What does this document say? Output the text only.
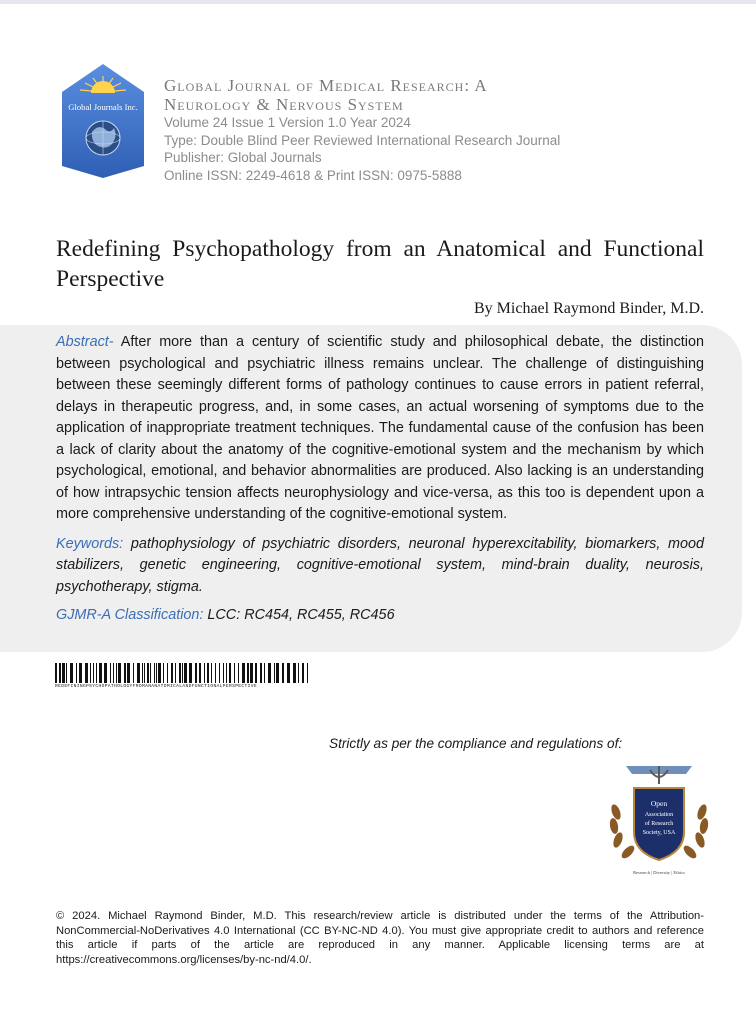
Global Journals Inc.
Global Journal of Medical Research: A
Neurology & Nervous System
Volume 24 Issue 1 Version 1.0 Year 2024
Type: Double Blind Peer Reviewed International Research Journal
Publisher: Global Journals
Online ISSN: 2249-4618 & Print ISSN: 0975-5888
Redefining Psychopathology from an Anatomical and Functional Perspective
By Michael Raymond Binder, M.D.

Abstract- After more than a century of scientific study and philosophical debate, the distinction between psychological and psychiatric illness remains unclear. The challenge of distinguishing between these seemingly different forms of pathology continues to cause errors in patient referral, delays in therapeutic progress, and, in some cases, an actual worsening of symptoms due to the application of inappropriate treatment techniques. The fundamental cause of the confusion has been a lack of clarity about the anatomy of the cognitive-emotional system and the mechanism by which psychological, emotional, and behavior abnormalities are produced. Also lacking is an understanding of how intrapsychic tension affects neurophysiology and vice-versa, as this too is dependent upon a more comprehensive understanding of the cognitive-emotional system.

Keywords: pathophysiology of psychiatric disorders, neuronal hyperexcitability, biomarkers, mood stabilizers, genetic engineering, cognitive-emotional system, mind-brain duality, neurosis, psychotherapy, stigma.

GJMR-A Classification: LCC: RC454, RC455, RC456

REDEFININGPSYCHOPATHOLOGYFROMANANATOMICALANDFUNCTIONALPERSPECTIVE
Strictly as per the compliance and regulations of:
Open
Association
of Research
Society, USA
Research | Diversity | Ethics
© 2024. Michael Raymond Binder, M.D. This research/review article is distributed under the terms of the Attribution-NonCommercial-NoDerivatives 4.0 International (CC BY-NC-ND 4.0). You must give appropriate credit to authors and reference this article if parts of the article are reproduced in any manner. Applicable licensing terms are at https://creativecommons.org/licenses/by-nc-nd/4.0/.
